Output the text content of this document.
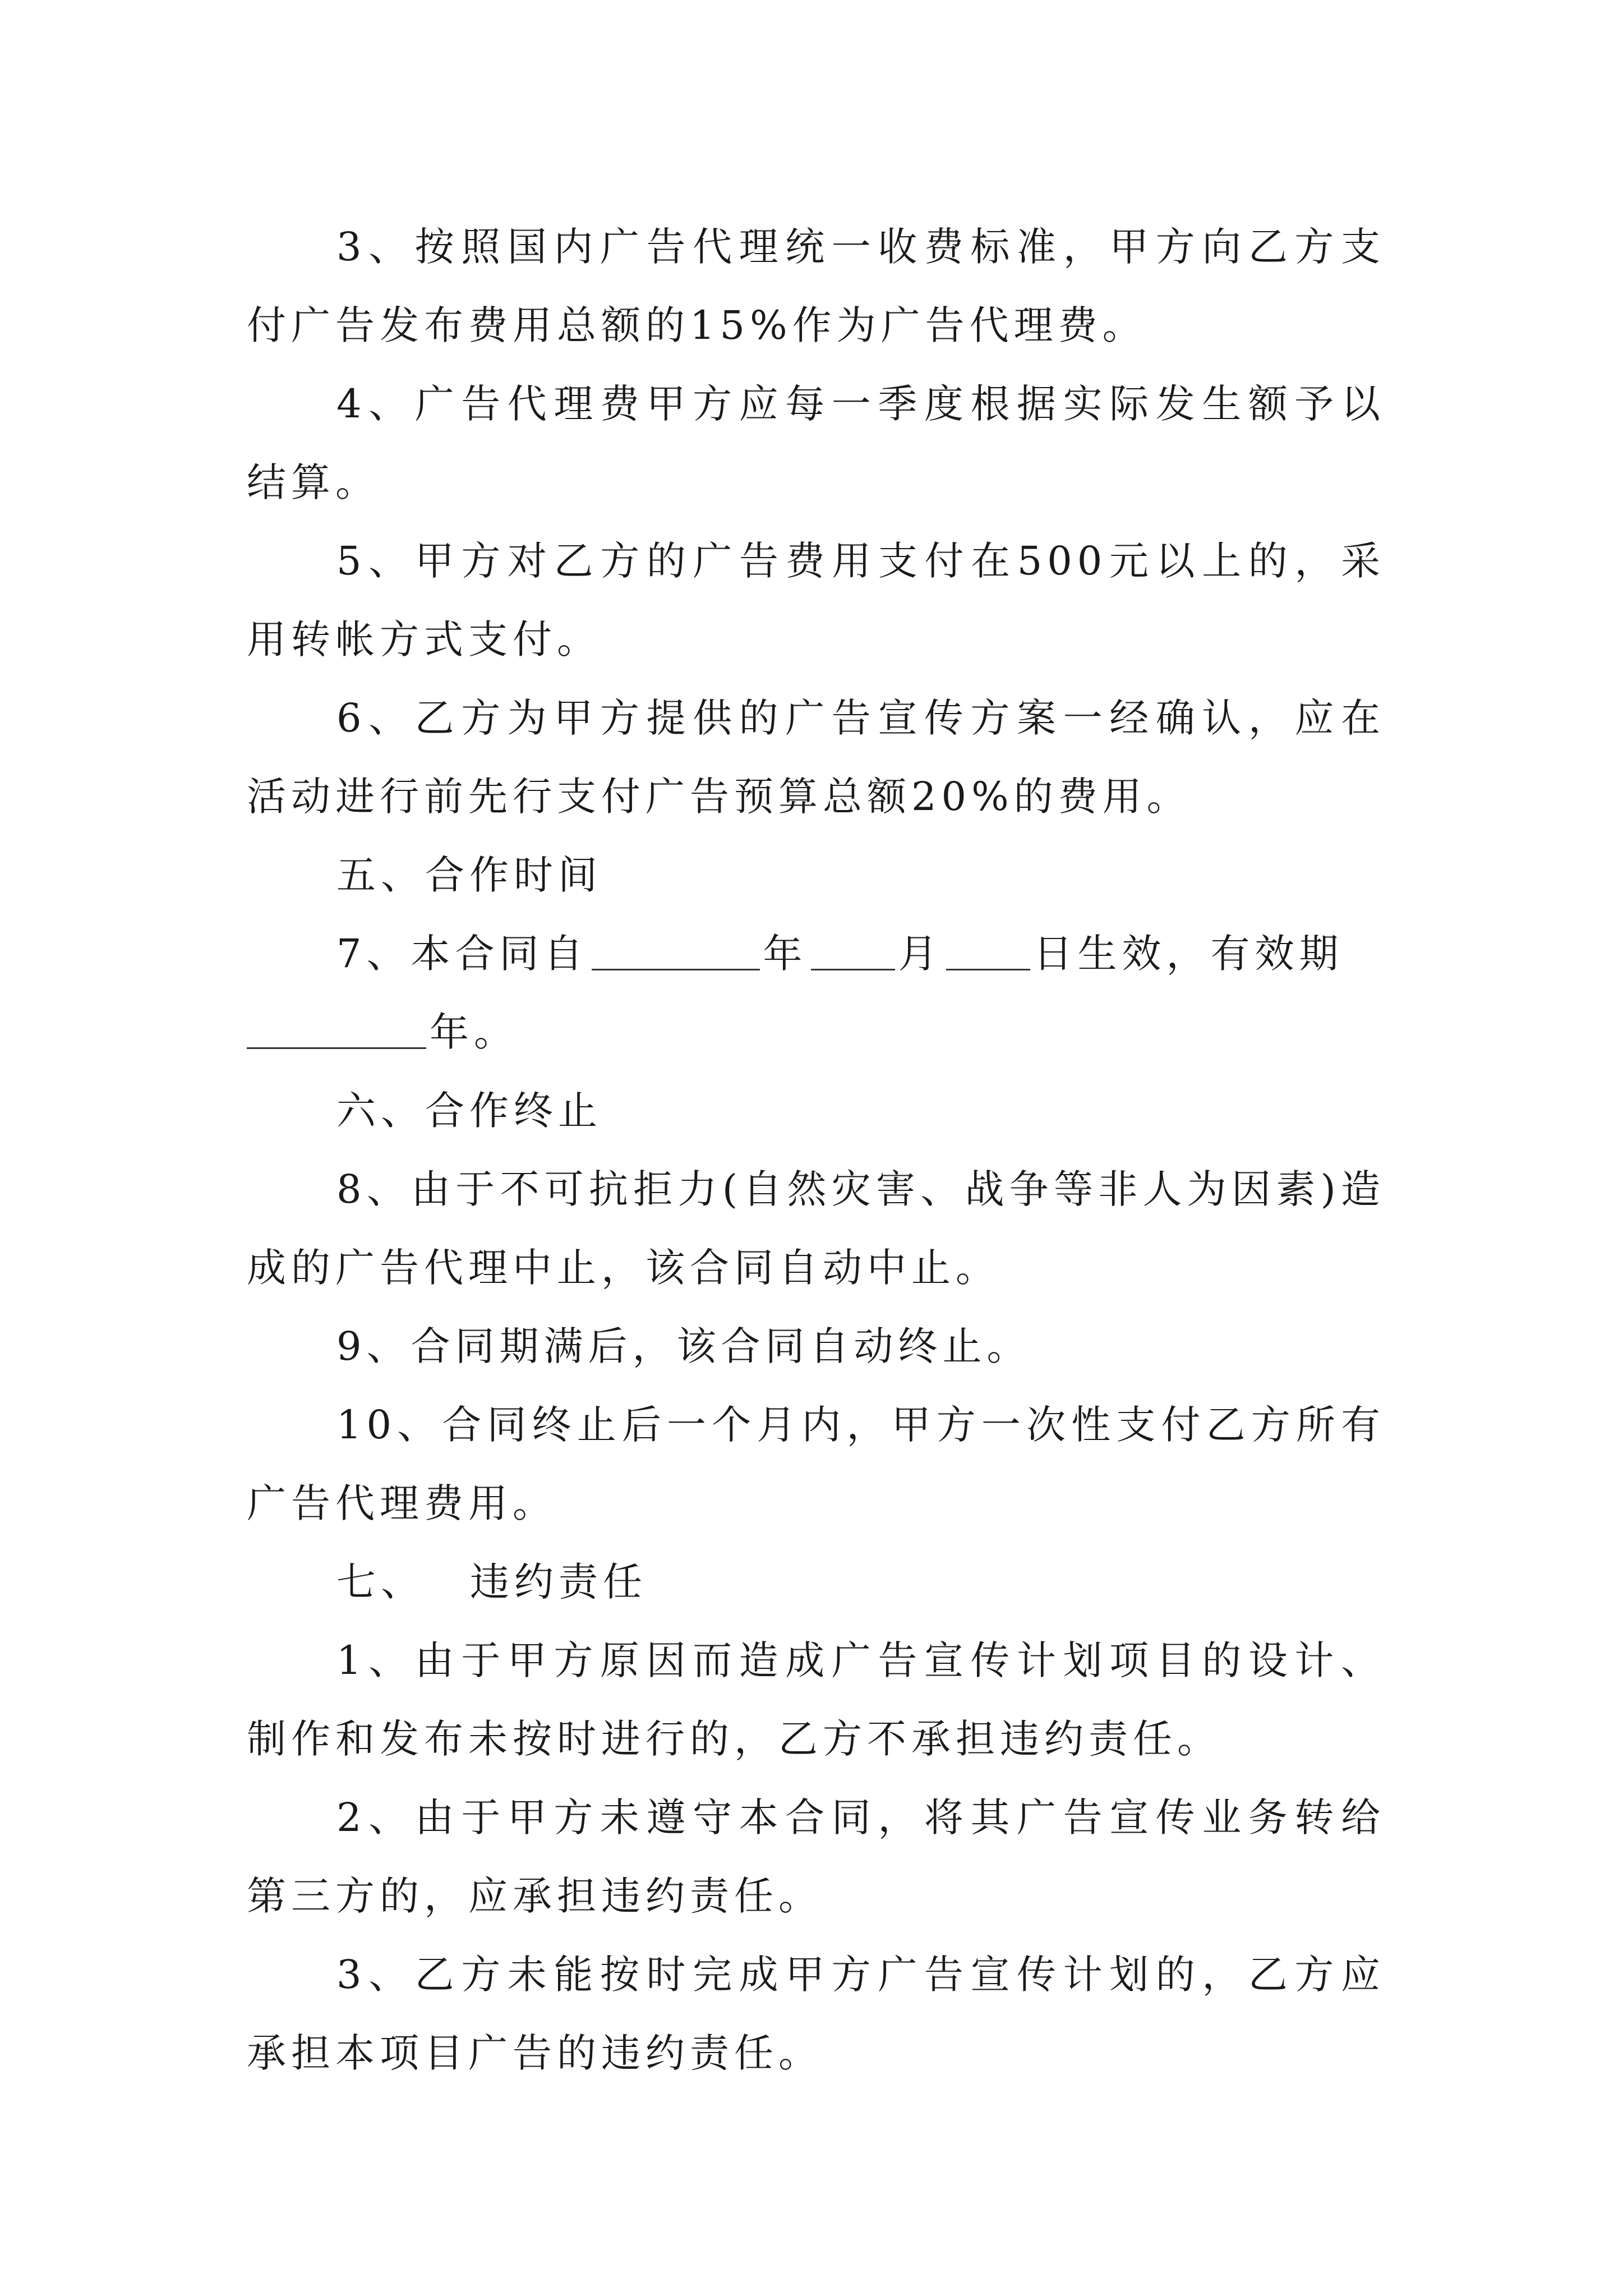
3、按照国内广告代理统一收费标准，甲方向乙方支付广告发布费用总额的15%作为广告代理费。

4、广告代理费甲方应每一季度根据实际发生额予以结算。

5、甲方对乙方的广告费用支付在500元以上的，采用转帐方式支付。

6、乙方为甲方提供的广告宣传方案一经确认，应在活动进行前先行支付广告预算总额20%的费用。

五、合作时间

7、本合同自	年 月 日生效，有效期
年。

六、合作终止

8、由于不可抗拒力(自然灾害、战争等非人为因素)造成的广告代理中止，该合同自动中止。

9、合同期满后，该合同自动终止。

10、合同终止后一个月内，甲方一次性支付乙方所有广告代理费用。

七、 违约责任

1、由于甲方原因而造成广告宣传计划项目的设计、制作和发布未按时进行的，乙方不承担违约责任。

2、由于甲方未遵守本合同，将其广告宣传业务转给第三方的，应承担违约责任。

3、乙方未能按时完成甲方广告宣传计划的，乙方应承担本项目广告的违约责任。
